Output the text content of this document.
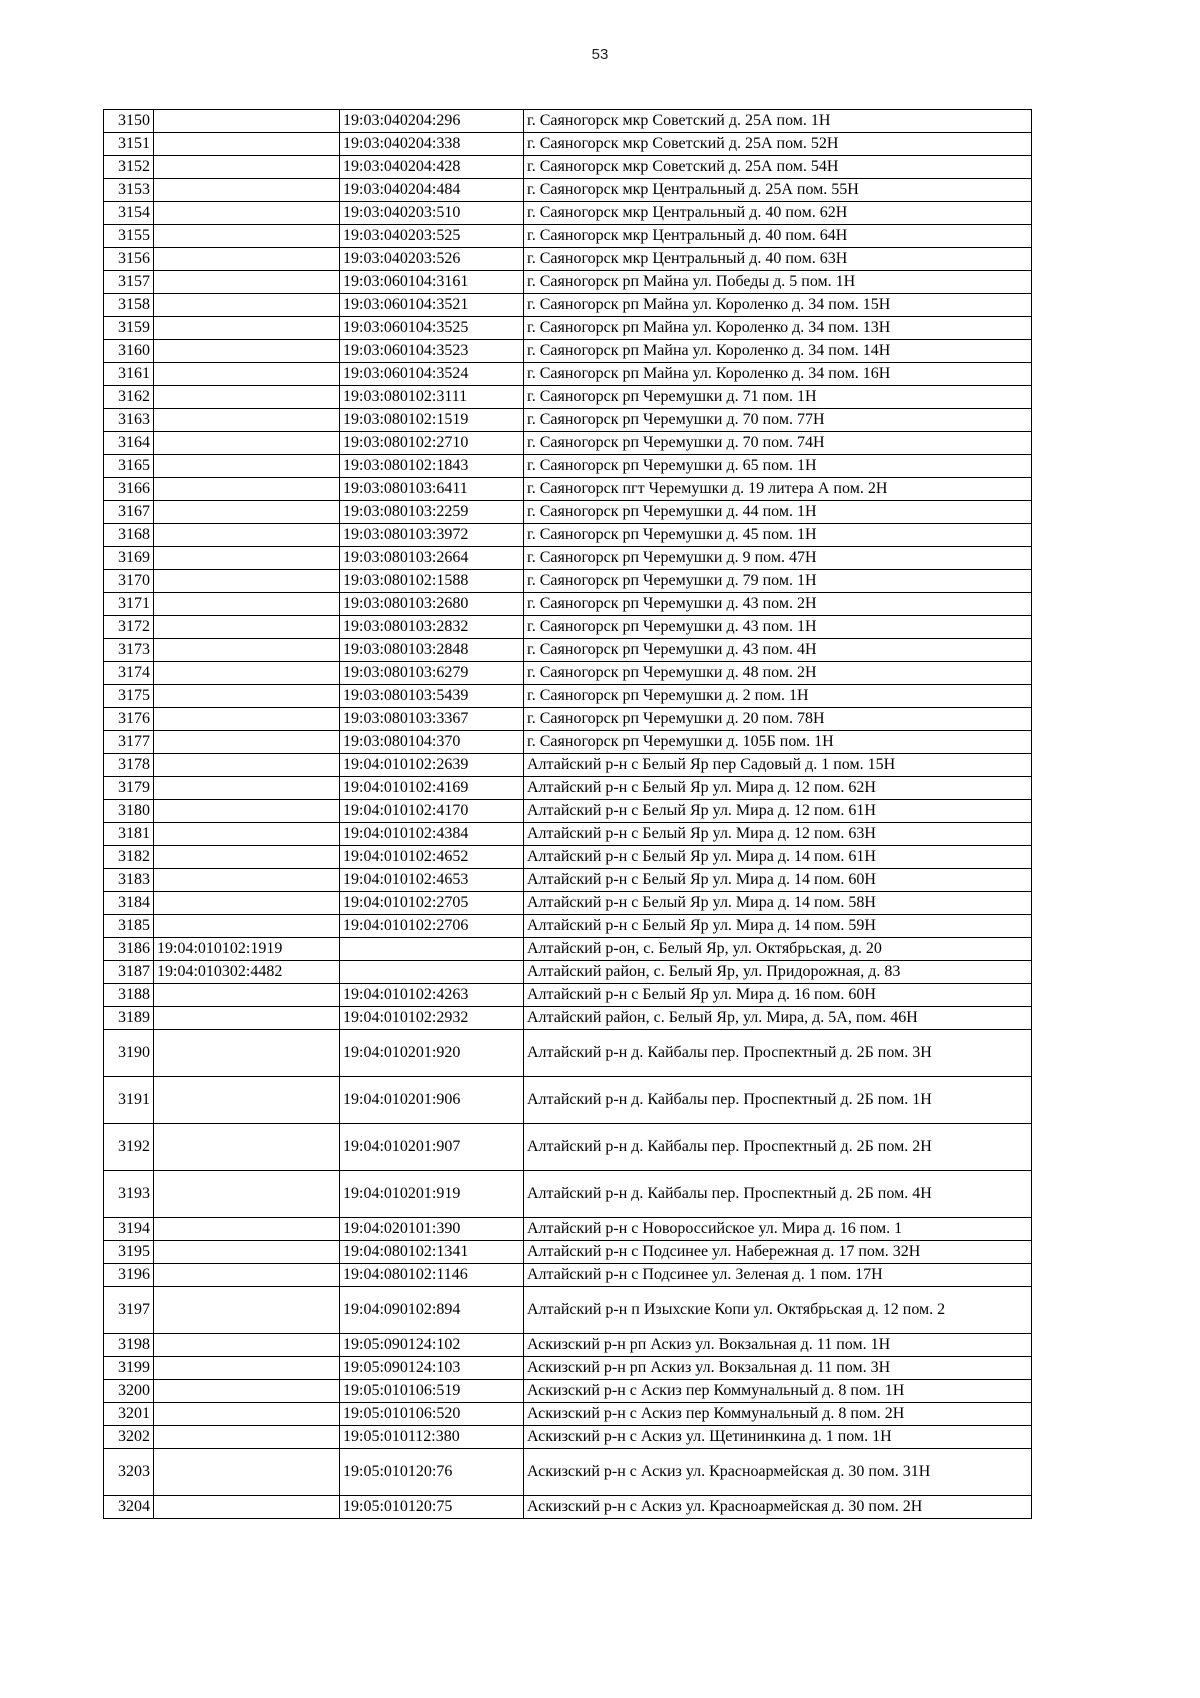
53
3150		19:03:040204:296	г. Саяногорск мкр Советский д. 25А пом. 1Н
3151		19:03:040204:338	г. Саяногорск мкр Советский д. 25А пом. 52Н
3152		19:03:040204:428	г. Саяногорск мкр Советский д. 25А пом. 54Н
3153		19:03:040204:484	г. Саяногорск мкр Центральный д. 25А пом. 55Н
3154		19:03:040203:510	г. Саяногорск мкр Центральный д. 40 пом. 62Н
3155		19:03:040203:525	г. Саяногорск мкр Центральный д. 40 пом. 64Н
3156		19:03:040203:526	г. Саяногорск мкр Центральный д. 40 пом. 63Н
3157		19:03:060104:3161	г. Саяногорск рп Майна ул. Победы д. 5 пом. 1Н
3158		19:03:060104:3521	г. Саяногорск рп Майна ул. Короленко д. 34 пом. 15Н
3159		19:03:060104:3525	г. Саяногорск рп Майна ул. Короленко д. 34 пом. 13Н
3160		19:03:060104:3523	г. Саяногорск рп Майна ул. Короленко д. 34 пом. 14Н
3161		19:03:060104:3524	г. Саяногорск рп Майна ул. Короленко д. 34 пом. 16Н
3162		19:03:080102:3111	г. Саяногорск рп Черемушки д. 71 пом. 1Н
3163		19:03:080102:1519	г. Саяногорск рп Черемушки д. 70 пом. 77Н
3164		19:03:080102:2710	г. Саяногорск рп Черемушки д. 70 пом. 74Н
3165		19:03:080102:1843	г. Саяногорск рп Черемушки д. 65 пом. 1Н
3166		19:03:080103:6411	г. Саяногорск пгт Черемушки д. 19 литера А пом. 2Н
3167		19:03:080103:2259	г. Саяногорск рп Черемушки д. 44 пом. 1Н
3168		19:03:080103:3972	г. Саяногорск рп Черемушки д. 45 пом. 1Н
3169		19:03:080103:2664	г. Саяногорск рп Черемушки д. 9 пом. 47Н
3170		19:03:080102:1588	г. Саяногорск рп Черемушки д. 79 пом. 1Н
3171		19:03:080103:2680	г. Саяногорск рп Черемушки д. 43 пом. 2Н
3172		19:03:080103:2832	г. Саяногорск рп Черемушки д. 43 пом. 1Н
3173		19:03:080103:2848	г. Саяногорск рп Черемушки д. 43 пом. 4Н
3174		19:03:080103:6279	г. Саяногорск рп Черемушки д. 48 пом. 2Н
3175		19:03:080103:5439	г. Саяногорск рп Черемушки д. 2 пом. 1Н
3176		19:03:080103:3367	г. Саяногорск рп Черемушки д. 20 пом. 78Н
3177		19:03:080104:370	г. Саяногорск рп Черемушки д. 105Б пом. 1Н
3178		19:04:010102:2639	Алтайский р-н с Белый Яр пер Садовый д. 1 пом. 15Н
3179		19:04:010102:4169	Алтайский р-н с Белый Яр ул. Мира д. 12 пом. 62Н
3180		19:04:010102:4170	Алтайский р-н с Белый Яр ул. Мира д. 12 пом. 61Н
3181		19:04:010102:4384	Алтайский р-н с Белый Яр ул. Мира д. 12 пом. 63Н
3182		19:04:010102:4652	Алтайский р-н с Белый Яр ул. Мира д. 14 пом. 61Н
3183		19:04:010102:4653	Алтайский р-н с Белый Яр ул. Мира д. 14 пом. 60Н
3184		19:04:010102:2705	Алтайский р-н с Белый Яр ул. Мира д. 14 пом. 58Н
3185		19:04:010102:2706	Алтайский р-н с Белый Яр ул. Мира д. 14 пом. 59Н
3186	19:04:010102:1919		Алтайский р-он, с. Белый Яр, ул. Октябрьская, д. 20
3187	19:04:010302:4482		Алтайский район, с. Белый Яр, ул. Придорожная, д. 83
3188		19:04:010102:4263	Алтайский р-н с Белый Яр ул. Мира д. 16 пом. 60Н
3189		19:04:010102:2932	Алтайский район, с. Белый Яр, ул. Мира, д. 5А, пом. 46Н
3190		19:04:010201:920	Алтайский р-н д. Кайбалы пер. Проспектный д. 2Б пом. 3Н
3191		19:04:010201:906	Алтайский р-н д. Кайбалы пер. Проспектный д. 2Б пом. 1Н
3192		19:04:010201:907	Алтайский р-н д. Кайбалы пер. Проспектный д. 2Б пом. 2Н
3193		19:04:010201:919	Алтайский р-н д. Кайбалы пер. Проспектный д. 2Б пом. 4Н
3194		19:04:020101:390	Алтайский р-н с Новороссийское ул. Мира д. 16 пом. 1
3195		19:04:080102:1341	Алтайский р-н с Подсинее ул. Набережная д. 17 пом. 32Н
3196		19:04:080102:1146	Алтайский р-н с Подсинее ул. Зеленая д. 1 пом. 17Н
3197		19:04:090102:894	Алтайский р-н п Изыхские Копи ул. Октябрьская д. 12 пом. 2
3198		19:05:090124:102	Аскизский р-н рп Аскиз ул. Вокзальная д. 11 пом. 1Н
3199		19:05:090124:103	Аскизский р-н рп Аскиз ул. Вокзальная д. 11 пом. 3Н
3200		19:05:010106:519	Аскизский р-н с Аскиз пер Коммунальный д. 8 пом. 1Н
3201		19:05:010106:520	Аскизский р-н с Аскиз пер Коммунальный д. 8 пом. 2Н
3202		19:05:010112:380	Аскизский р-н с Аскиз ул. Щетининкина д. 1 пом. 1Н
3203		19:05:010120:76	Аскизский р-н с Аскиз ул. Красноармейская д. 30 пом. 31Н
3204		19:05:010120:75	Аскизский р-н с Аскиз ул. Красноармейская д. 30 пом. 2Н
